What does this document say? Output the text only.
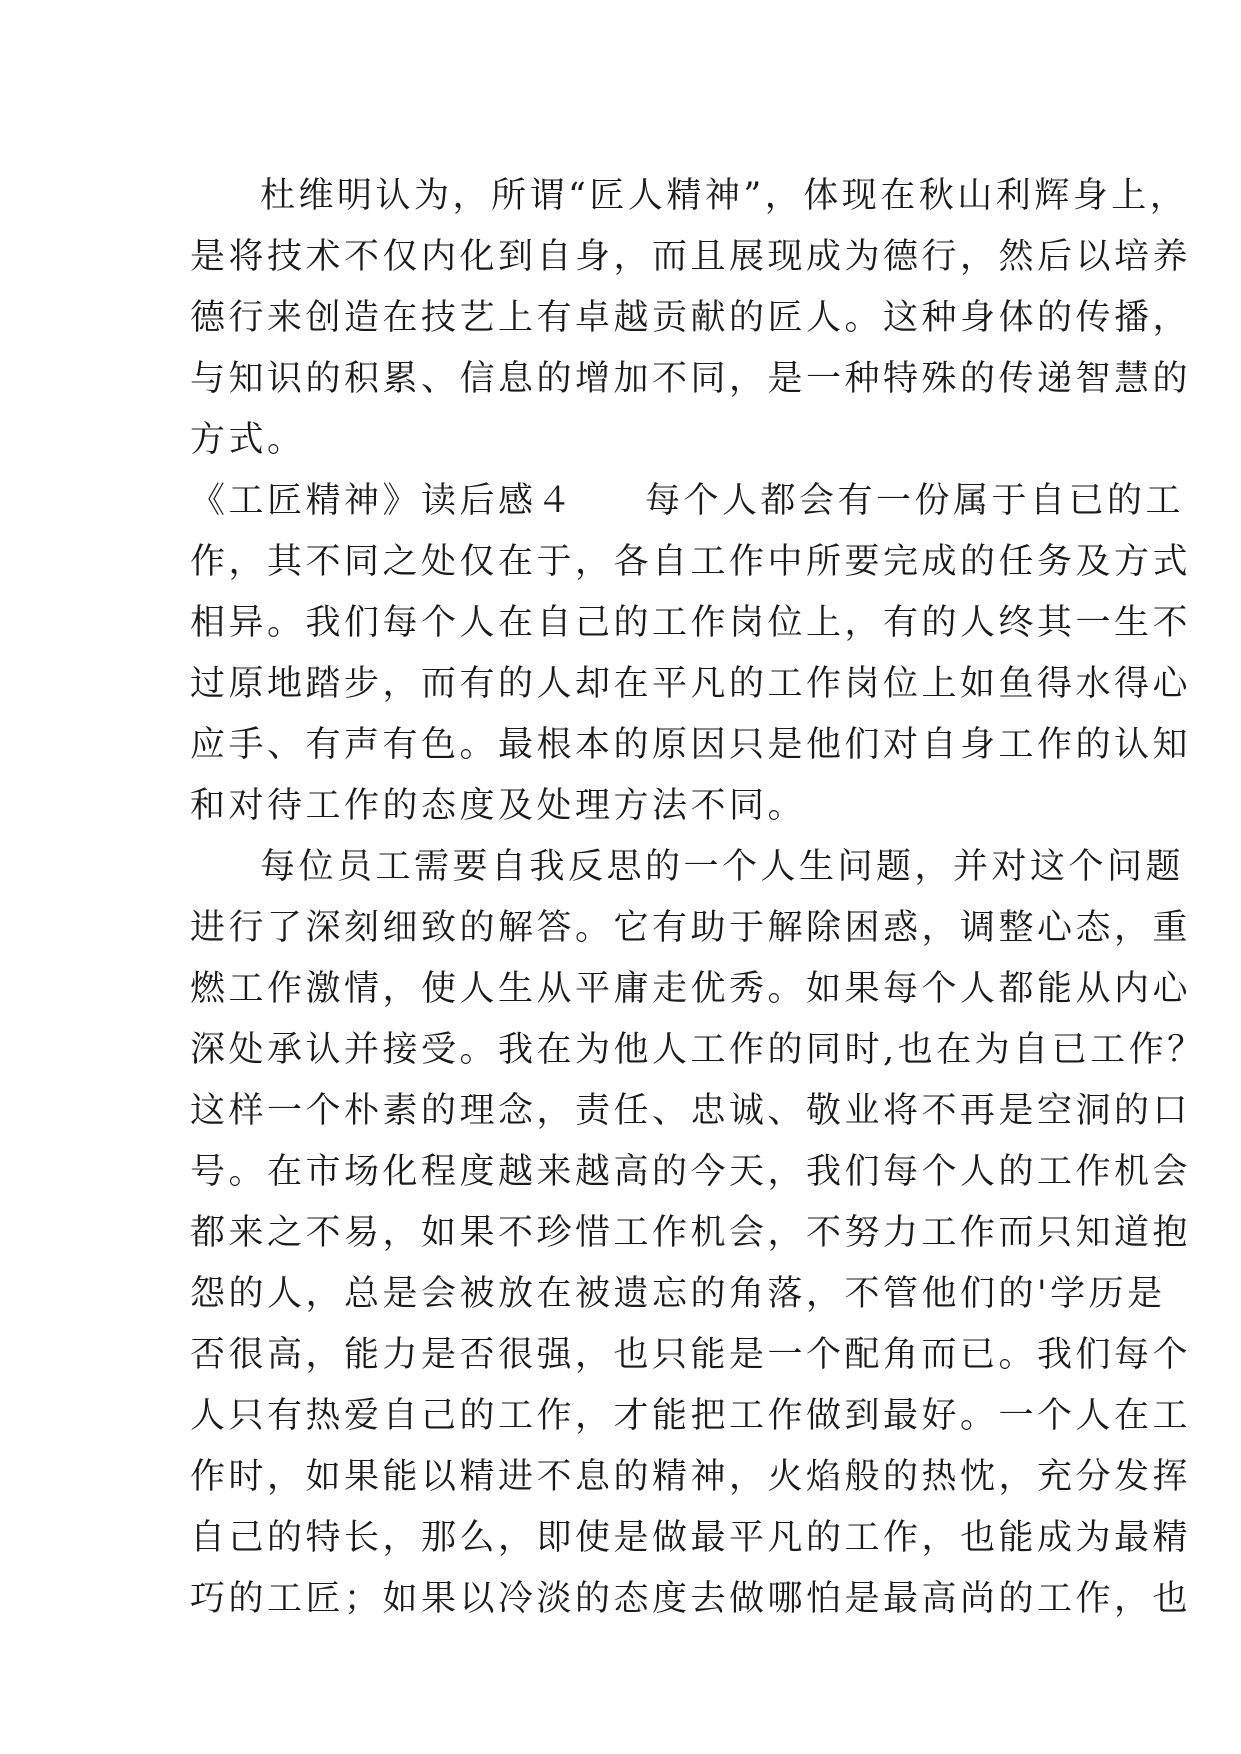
杜维明认为，所谓“匠人精神”，体现在秋山利辉身上，
是将技术不仅内化到自身，而且展现成为德行，然后以培养
德行来创造在技艺上有卓越贡献的匠人。这种身体的传播，
与知识的积累、信息的增加不同，是一种特殊的传递智慧的
方式。
《工匠精神》读后感４ 每个人都会有一份属于自已的工
作，其不同之处仅在于，各自工作中所要完成的任务及方式
相异。我们每个人在自己的工作岗位上，有的人终其一生不
过原地踏步，而有的人却在平凡的工作岗位上如鱼得水得心
应手、有声有色。最根本的原因只是他们对自身工作的认知
和对待工作的态度及处理方法不同。
每位员工需要自我反思的一个人生问题，并对这个问题
进行了深刻细致的解答。它有助于解除困惑，调整心态，重
燃工作激情，使人生从平庸走优秀。如果每个人都能从内心
深处承认并接受。我在为他人工作的同时,也在为自已工作？
这样一个朴素的理念，责任、忠诚、敬业将不再是空洞的口
号。在市场化程度越来越高的今天，我们每个人的工作机会
都来之不易，如果不珍惜工作机会，不努力工作而只知道抱
怨的人，总是会被放在被遗忘的角落，不管他们的'学历是
否很高，能力是否很强，也只能是一个配角而已。我们每个
人只有热爱自己的工作，才能把工作做到最好。一个人在工
作时，如果能以精进不息的精神，火焰般的热忱，充分发挥
自己的特长，那么，即使是做最平凡的工作，也能成为最精
巧的工匠；如果以冷淡的态度去做哪怕是最高尚的工作，也
